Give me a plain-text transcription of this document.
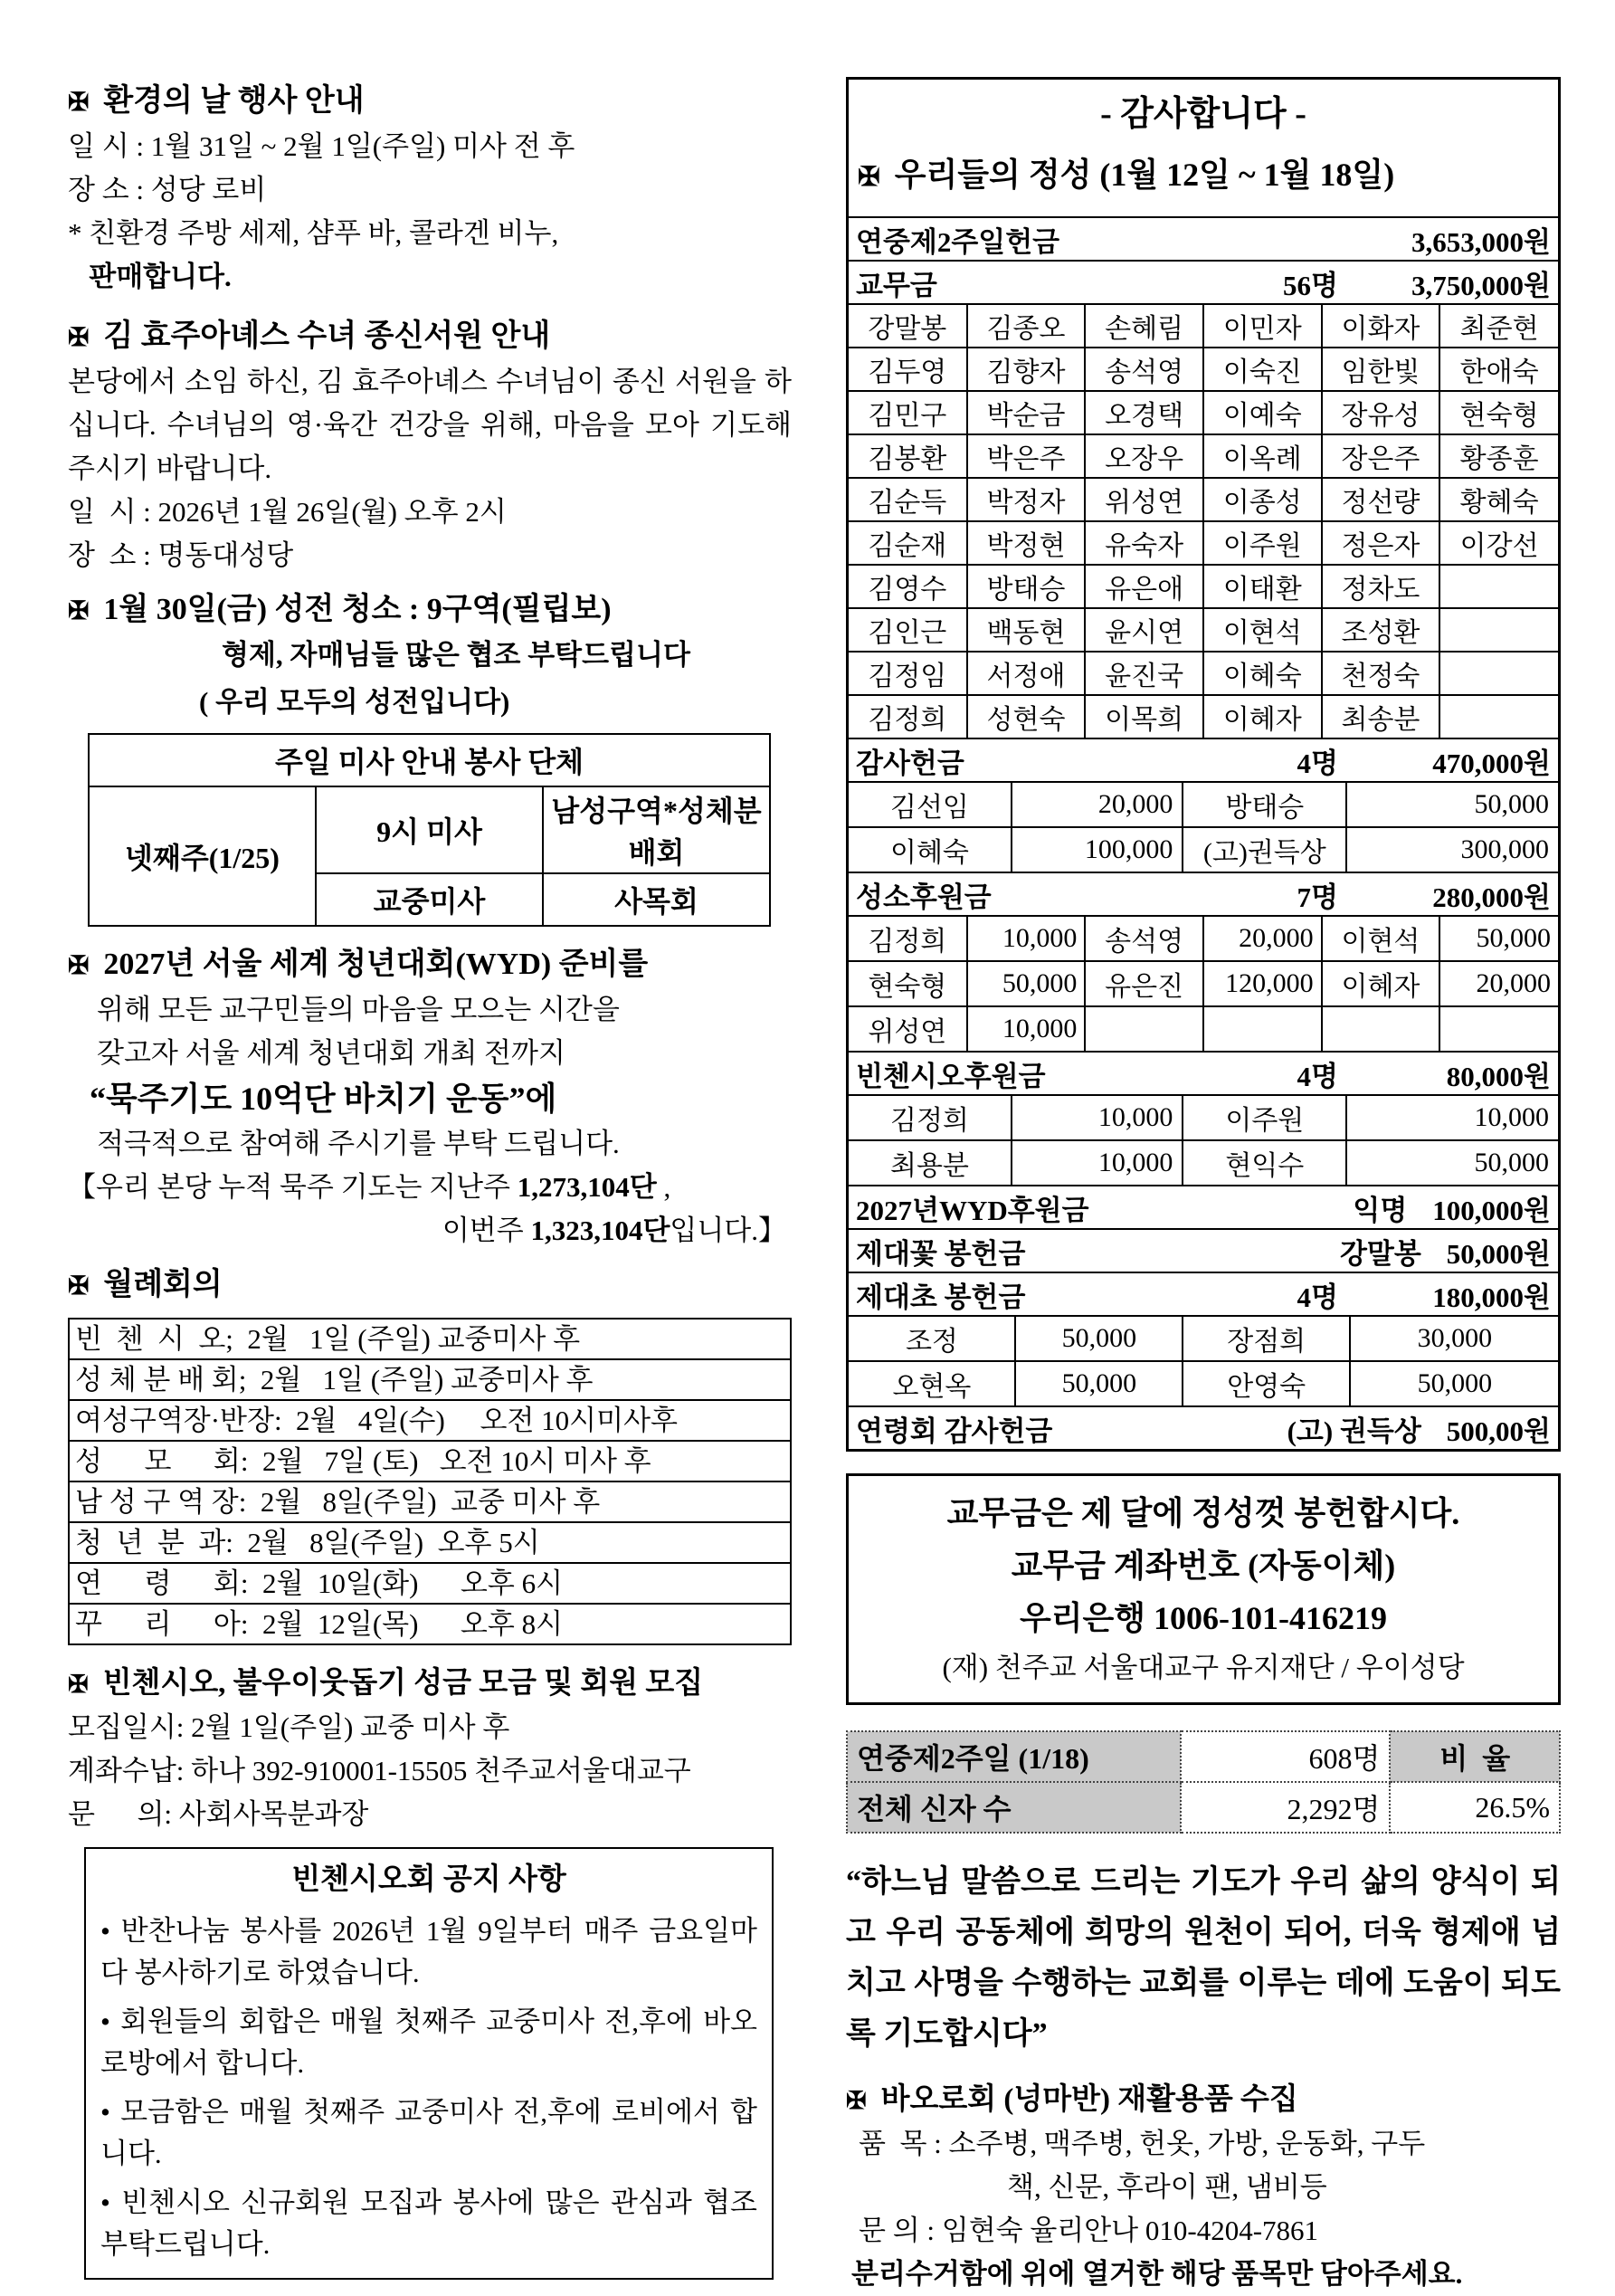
✠ 환경의 날 행사 안내
일 시 : 1월 31일 ~ 2월 1일(주일) 미사 전 후
장 소 : 성당 로비
* 친환경 주방 세제, 샴푸 바, 콜라겐 비누,
판매합니다.
✠ 김 효주아녜스 수녀 종신서원 안내
본당에서 소임 하신, 김 효주아녜스 수녀님이 종신 서원을 하십니다. 수녀님의 영·육간 건강을 위해, 마음을 모아 기도해 주시기 바랍니다.
일  시 : 2026년 1월 26일(월) 오후 2시
장  소 : 명동대성당
✠ 1월 30일(금) 성전 청소 : 9구역(필립보)
형제, 자매님들 많은 협조 부탁드립니다
( 우리 모두의 성전입니다)
주일 미사 안내 봉사 단체		
넷째주(1/25)	9시 미사	남성구역*성체분배회
	교중미사	사목회
✠ 2027년 서울 세계 청년대회(WYD) 준비를
위해 모든 교구민들의 마음을 모으는 시간을
갖고자 서울 세계 청년대회 개최 전까지
“묵주기도 10억단 바치기 운동”에
적극적으로 참여해 주시기를 부탁 드립니다.
【우리 본당 누적 묵주 기도는 지난주 1,273,104단 ,
이번주 1,323,104단입니다.】
✠ 월례회의
빈  첸  시  오;  2월   1일 (주일) 교중미사 후
성 체 분 배 회;  2월   1일 (주일) 교중미사 후
여성구역장·반장:  2월   4일(수)     오전 10시미사후
성      모      회:  2월   7일 (토)   오전 10시 미사 후
남 성 구 역 장:  2월   8일(주일)  교중 미사 후
청  년  분  과:  2월   8일(주일)  오후 5시
연      령      회:  2월  10일(화)      오후 6시
꾸      리      아:  2월  12일(목)      오후 8시
✠ 빈첸시오, 불우이웃돕기 성금 모금 및 회원 모집
모집일시: 2월 1일(주일) 교중 미사 후
계좌수납: 하나 392-910001-15505 천주교서울대교구
문      의: 사회사목분과장
빈첸시오회 공지 사항
• 반찬나눔 봉사를 2026년 1월 9일부터 매주 금요일마다 봉사하기로 하였습니다.
• 회원들의 회합은 매월 첫째주 교중미사 전,후에 바오로방에서 합니다.
• 모금함은 매월 첫째주 교중미사 전,후에 로비에서 합니다.
• 빈첸시오 신규회원 모집과 봉사에 많은 관심과 협조 부탁드립니다.
- 감사합니다 -
✠ 우리들의 정성 (1월 12일 ~ 1월 18일)
연중제2주일헌금	3,653,000원
교무금	56명	3,750,000원
강말봉	김종오	손혜림	이민자	이화자	최준현
김두영	김향자	송석영	이숙진	임한빛	한애숙
김민구	박순금	오경택	이예숙	장유성	현숙형
김봉환	박은주	오장우	이옥례	장은주	황종훈
김순득	박정자	위성연	이종성	정선량	황혜숙
김순재	박정현	유숙자	이주원	정은자	이강선
김영수	방태승	유은애	이태환	정차도	
김인근	백동현	윤시연	이현석	조성환	
김정임	서정애	윤진국	이혜숙	천정숙	
김정희	성현숙	이목희	이혜자	최송분	
감사헌금	4명	470,000원
김선임	20,000	방태승	50,000
이혜숙	100,000	(고)권득상	300,000
성소후원금	7명	280,000원
김정희	10,000	송석영	20,000	이현석	50,000
현숙형	50,000	유은진	120,000	이혜자	20,000
위성연	10,000				
빈첸시오후원금	4명	80,000원
김정희	10,000	이주원	10,000
최용분	10,000	현익수	50,000
2027년WYD후원금	익명 100,000원
제대꽃 봉헌금	강말봉 50,000원
제대초 봉헌금	4명	180,000원
조정	50,000	장점희	30,000
오현옥	50,000	안영숙	50,000
연령회 감사헌금	(고) 권득상 500,00원
교무금은 제 달에 정성껏 봉헌합시다.
교무금 계좌번호 (자동이체)
우리은행 1006-101-416219
(재) 천주교 서울대교구 유지재단 / 우이성당
연중제2주일 (1/18)	608명	비  율
전체 신자 수	2,292명	26.5%
“하느님 말씀으로 드리는 기도가 우리 삶의 양식이 되고 우리 공동체에 희망의 원천이 되어, 더욱 형제애 넘치고 사명을 수행하는 교회를 이루는 데에 도움이 되도록 기도합시다”
✠ 바오로회 (넝마반) 재활용품 수집
품  목 : 소주병, 맥주병, 헌옷, 가방, 운동화, 구두
책, 신문, 후라이 팬, 냄비등
문 의 : 임현숙 율리안나 010-4204-7861
분리수거함에 위에 열거한 해당 품목만 담아주세요.
